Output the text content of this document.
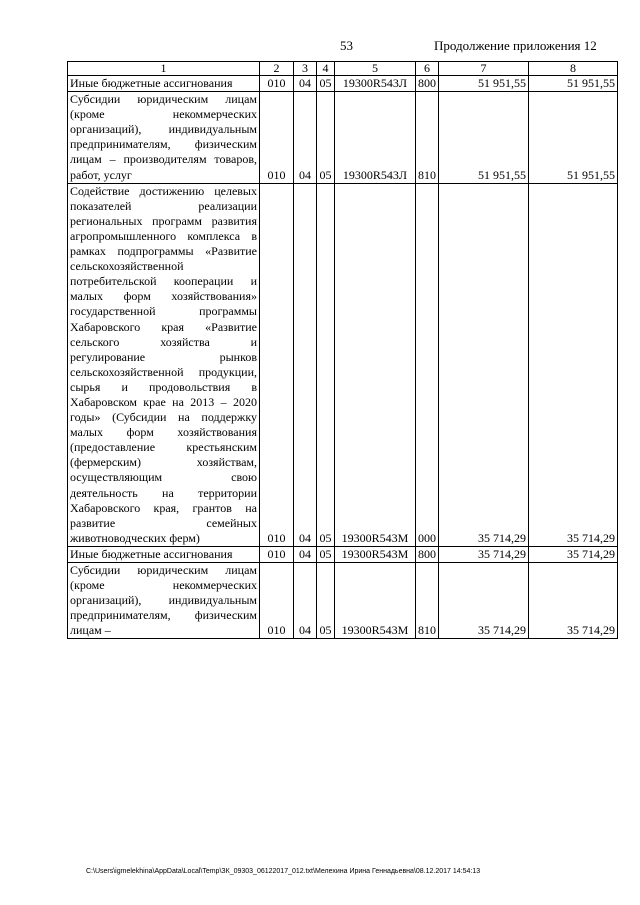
53	Продолжение приложения 12
1	2	3	4	5	6	7	8
Иные бюджетные ассигнования	010	04	05	19300R543Л	800	51 951,55	51 951,55
Субсидии юридическим лицам (кроме некоммерческих организаций), индивидуальным предпринимателям, физическим лицам – производителям товаров, работ, услуг	010	04	05	19300R543Л	810	51 951,55	51 951,55
Содействие достижению целевых показателей реализации региональных программ развития агропромышленного комплекса в рамках подпрограммы «Развитие сельскохозяйственной потребительской кооперации и малых форм хозяйствования» государственной программы Хабаровского края «Развитие сельского хозяйства и регулирование рынков сельскохозяйственной продукции, сырья и продовольствия в Хабаровском крае на 2013 – 2020 годы» (Субсидии на поддержку малых форм хозяйствования (предоставление крестьянским (фермерским) хозяйствам, осуществляющим свою деятельность на территории Хабаровского края, грантов на развитие семейных животноводческих ферм)	010	04	05	19300R543М	000	35 714,29	35 714,29
Иные бюджетные ассигнования	010	04	05	19300R543М	800	35 714,29	35 714,29
Субсидии юридическим лицам (кроме некоммерческих организаций), индивидуальным предпринимателям, физическим лицам –	010	04	05	19300R543М	810	35 714,29	35 714,29
C:\Users\igmelekhina\AppData\Local\Temp\ЗК_09303_06122017_012.txt\Мелехина Ирина Геннадьевна\08.12.2017 14:54:13
